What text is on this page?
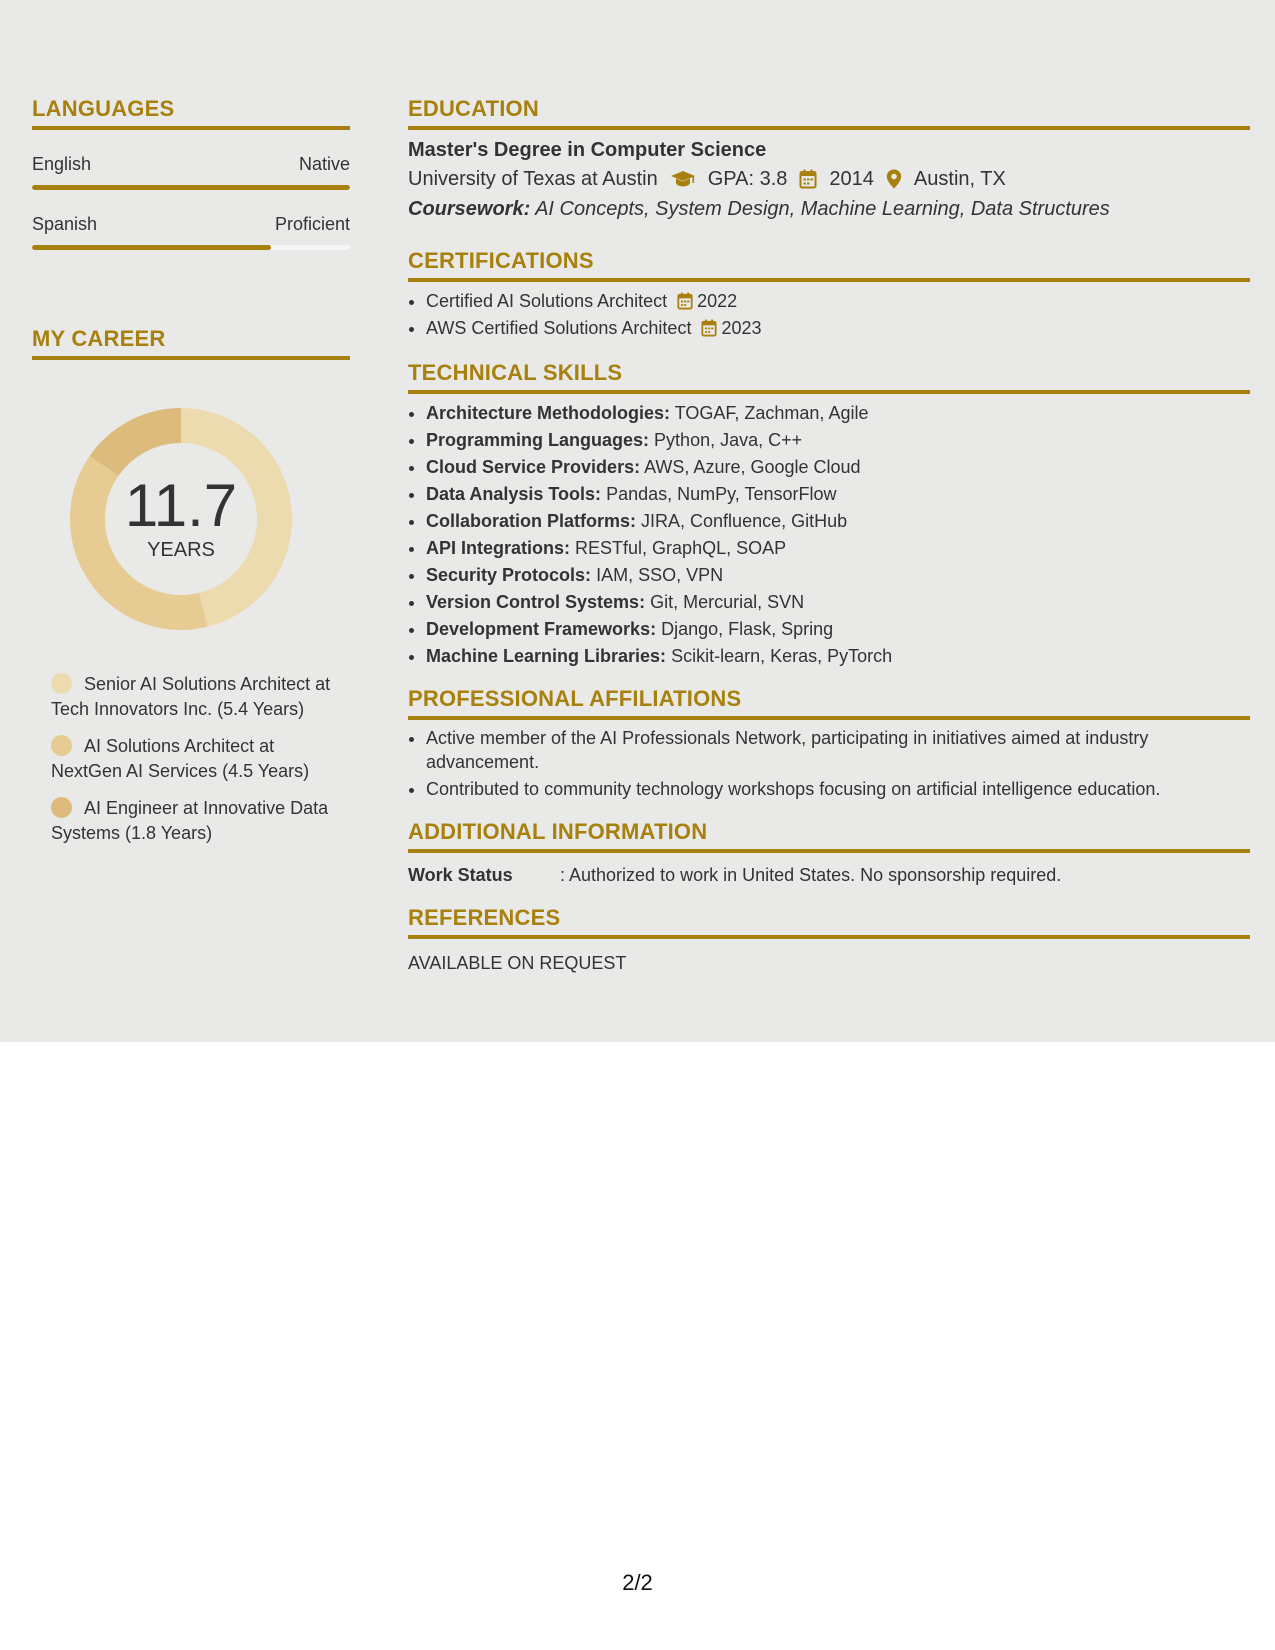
LANGUAGES
English	Native
Spanish	Proficient
MY CAREER
11.7
YEARS
Senior AI Solutions Architect at Tech Innovators Inc. (5.4 Years)
AI Solutions Architect at NextGen AI Services (4.5 Years)
AI Engineer at Innovative Data Systems (1.8 Years)
EDUCATION
Master's Degree in Computer Science
University of Texas at Austin	GPA: 3.8 2014 Austin, TX
Coursework: AI Concepts, System Design, Machine Learning, Data Structures
CERTIFICATIONS
• Certified AI Solutions Architect 2022
• AWS Certified Solutions Architect 2023
TECHNICAL SKILLS
• Architecture Methodologies: TOGAF, Zachman, Agile
• Programming Languages: Python, Java, C++
• Cloud Service Providers: AWS, Azure, Google Cloud
• Data Analysis Tools: Pandas, NumPy, TensorFlow
• Collaboration Platforms: JIRA, Confluence, GitHub
• API Integrations: RESTful, GraphQL, SOAP
• Security Protocols: IAM, SSO, VPN
• Version Control Systems: Git, Mercurial, SVN
• Development Frameworks: Django, Flask, Spring
• Machine Learning Libraries: Scikit-learn, Keras, PyTorch
PROFESSIONAL AFFILIATIONS
• Active member of the AI Professionals Network, participating in initiatives aimed at industry advancement.
• Contributed to community technology workshops focusing on artificial intelligence education.
ADDITIONAL INFORMATION
Work Status	: Authorized to work in United States. No sponsorship required.
REFERENCES
AVAILABLE ON REQUEST
2/2
